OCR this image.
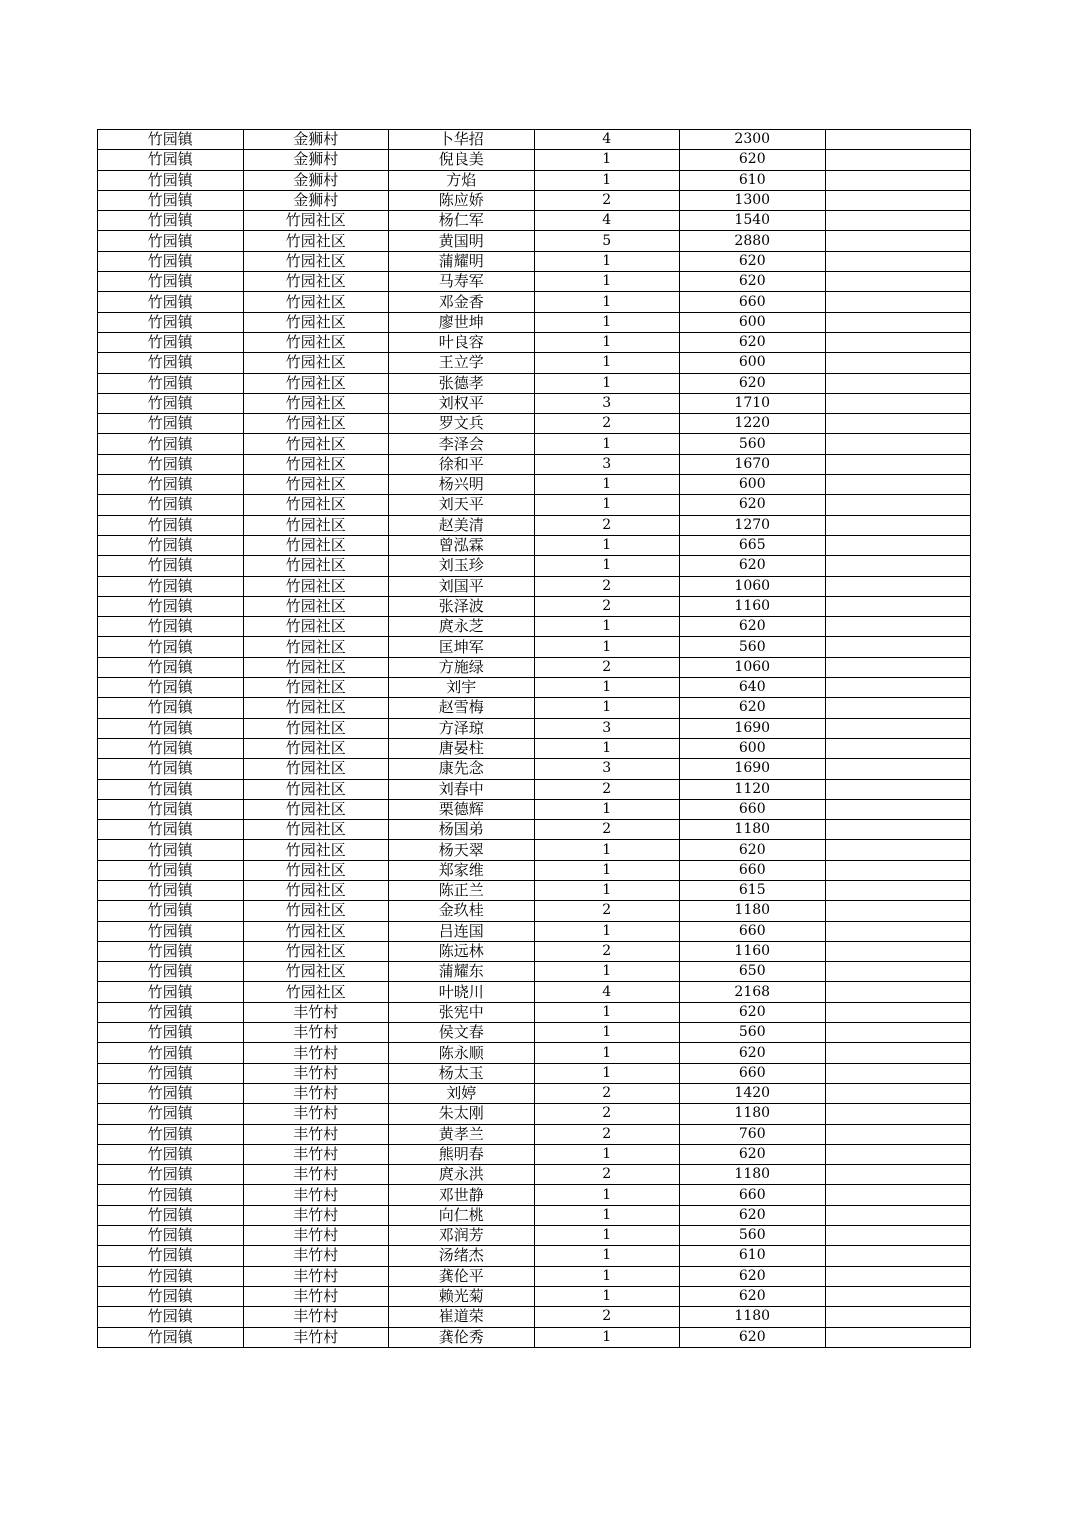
竹园镇	金狮村	卜华招	4	2300	
竹园镇	金狮村	倪良美	1	620	
竹园镇	金狮村	方焰	1	610	
竹园镇	金狮村	陈应娇	2	1300	
竹园镇	竹园社区	杨仁军	4	1540	
竹园镇	竹园社区	黄国明	5	2880	
竹园镇	竹园社区	蒲耀明	1	620	
竹园镇	竹园社区	马寿军	1	620	
竹园镇	竹园社区	邓金香	1	660	
竹园镇	竹园社区	廖世坤	1	600	
竹园镇	竹园社区	叶良容	1	620	
竹园镇	竹园社区	王立学	1	600	
竹园镇	竹园社区	张德孝	1	620	
竹园镇	竹园社区	刘权平	3	1710	
竹园镇	竹园社区	罗文兵	2	1220	
竹园镇	竹园社区	李泽会	1	560	
竹园镇	竹园社区	徐和平	3	1670	
竹园镇	竹园社区	杨兴明	1	600	
竹园镇	竹园社区	刘天平	1	620	
竹园镇	竹园社区	赵美清	2	1270	
竹园镇	竹园社区	曾泓霖	1	665	
竹园镇	竹园社区	刘玉珍	1	620	
竹园镇	竹园社区	刘国平	2	1060	
竹园镇	竹园社区	张泽波	2	1160	
竹园镇	竹园社区	庹永芝	1	620	
竹园镇	竹园社区	匡坤军	1	560	
竹园镇	竹园社区	方施绿	2	1060	
竹园镇	竹园社区	刘宇	1	640	
竹园镇	竹园社区	赵雪梅	1	620	
竹园镇	竹园社区	方泽琼	3	1690	
竹园镇	竹园社区	唐晏柱	1	600	
竹园镇	竹园社区	康先念	3	1690	
竹园镇	竹园社区	刘春中	2	1120	
竹园镇	竹园社区	栗德辉	1	660	
竹园镇	竹园社区	杨国弟	2	1180	
竹园镇	竹园社区	杨天翠	1	620	
竹园镇	竹园社区	郑家维	1	660	
竹园镇	竹园社区	陈正兰	1	615	
竹园镇	竹园社区	金玖桂	2	1180	
竹园镇	竹园社区	吕连国	1	660	
竹园镇	竹园社区	陈远林	2	1160	
竹园镇	竹园社区	蒲耀东	1	650	
竹园镇	竹园社区	叶晓川	4	2168	
竹园镇	丰竹村	张宪中	1	620	
竹园镇	丰竹村	侯文春	1	560	
竹园镇	丰竹村	陈永顺	1	620	
竹园镇	丰竹村	杨太玉	1	660	
竹园镇	丰竹村	刘婷	2	1420	
竹园镇	丰竹村	朱太刚	2	1180	
竹园镇	丰竹村	黄孝兰	2	760	
竹园镇	丰竹村	熊明春	1	620	
竹园镇	丰竹村	庹永洪	2	1180	
竹园镇	丰竹村	邓世静	1	660	
竹园镇	丰竹村	向仁桃	1	620	
竹园镇	丰竹村	邓润芳	1	560	
竹园镇	丰竹村	汤绪杰	1	610	
竹园镇	丰竹村	龚伦平	1	620	
竹园镇	丰竹村	赖光菊	1	620	
竹园镇	丰竹村	崔道荣	2	1180	
竹园镇	丰竹村	龚伦秀	1	620	
